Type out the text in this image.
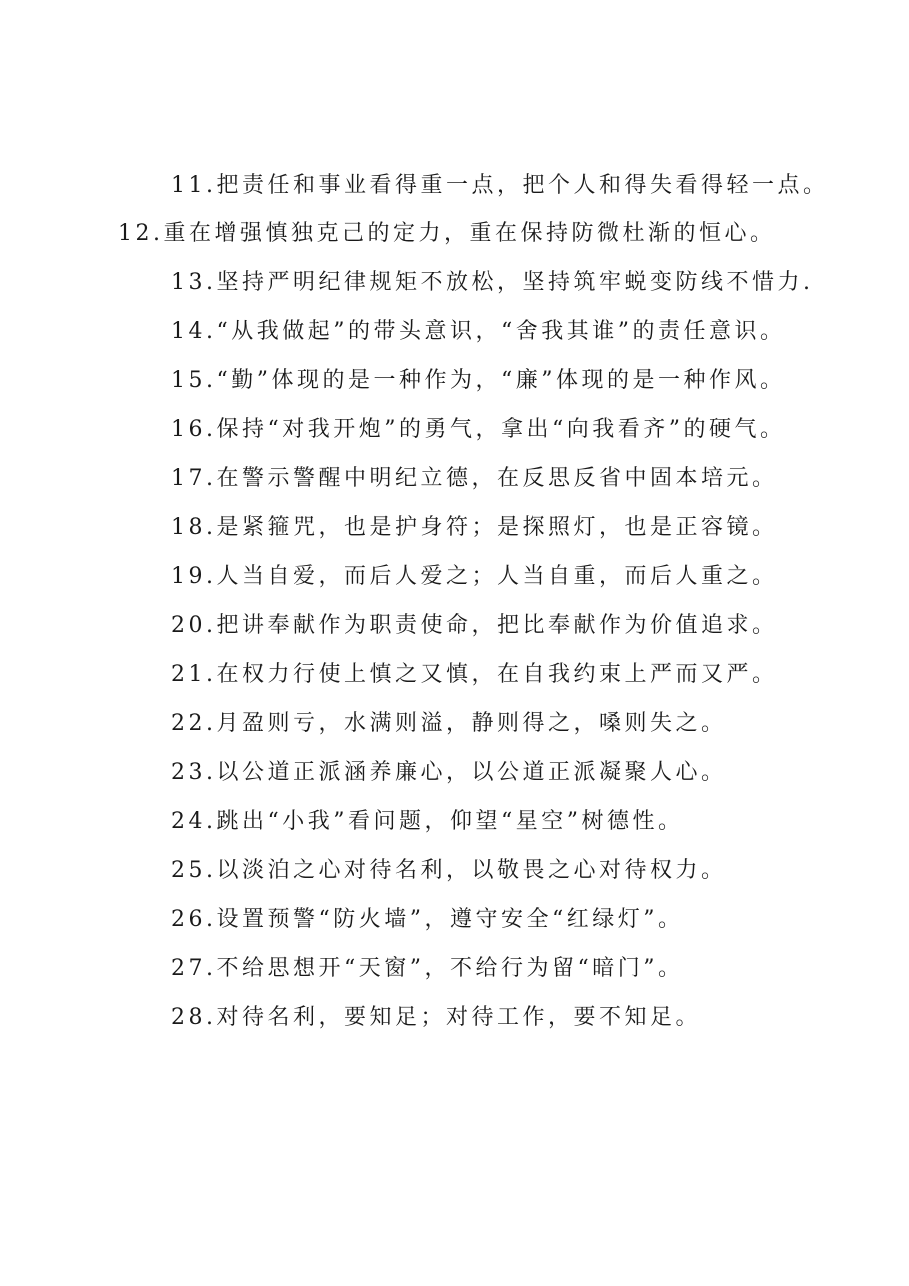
11.把责任和事业看得重一点，把个人和得失看得轻一点。
12.重在增强慎独克己的定力，重在保持防微杜渐的恒心。
13.坚持严明纪律规矩不放松，坚持筑牢蜕变防线不惜力.
14.“从我做起”的带头意识，“舍我其谁”的责任意识。
15.“勤”体现的是一种作为，“廉”体现的是一种作风。
16.保持“对我开炮”的勇气，拿出“向我看齐”的硬气。
17.在警示警醒中明纪立德，在反思反省中固本培元。
18.是紧箍咒，也是护身符；是探照灯，也是正容镜。
19.人当自爱，而后人爱之；人当自重，而后人重之。
20.把讲奉献作为职责使命，把比奉献作为价值追求。
21.在权力行使上慎之又慎，在自我约束上严而又严。
22.月盈则亏，水满则溢，静则得之，嗓则失之。
23.以公道正派涵养廉心，以公道正派凝聚人心。
24.跳出“小我”看问题，仰望“星空”树德性。
25.以淡泊之心对待名利，以敬畏之心对待权力。
26.设置预警“防火墙”，遵守安全“红绿灯”。
27.不给思想开“天窗”，不给行为留“暗门”。
28.对待名利，要知足；对待工作，要不知足。
